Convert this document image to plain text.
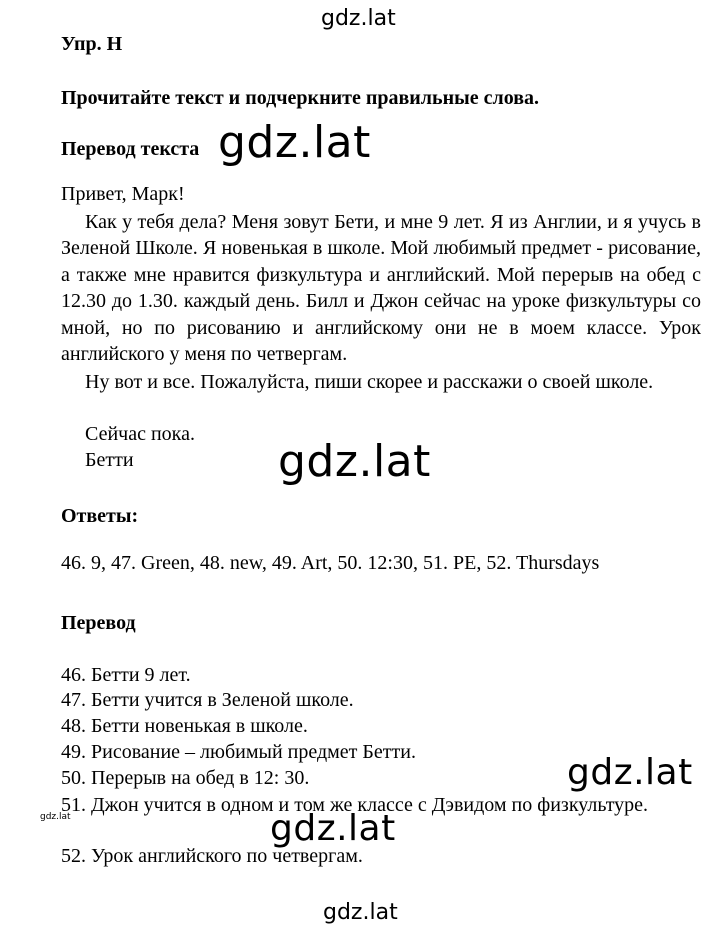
gdz.lat
Упр. H
Прочитайте текст и подчеркните правильные слова.
Перевод текста gdz.lat
Привет, Марк!
Как у тебя дела? Меня зовут Бети, и мне 9 лет. Я из Англии, и я учусь в Зеленой Школе. Я новенькая в школе. Мой любимый предмет - рисование, а также мне нравится физкультура и английский. Мой перерыв на обед с 12.30 до 1.30. каждый день. Билл и Джон сейчас на уроке физкультуры со мной, но по рисованию и английскому они не в моем классе. Урок английского у меня по четвергам.
Ну вот и все. Пожалуйста, пиши скорее и расскажи о своей школе.
Сейчас пока.
Бетти	gdz.lat
Ответы:
46. 9, 47. Green, 48. new, 49. Art, 50. 12:30, 51. PE, 52. Thursdays
Перевод
46. Бетти 9 лет.
47. Бетти учится в Зеленой школе.
48. Бетти новенькая в школе.
49. Рисование – любимый предмет Бетти.
50. Перерыв на обед в 12: 30.	gdz.lat
51. Джон учится в одном и том же классе с Дэвидом по физкультуре.
gdz.lat
gdz.lat
52. Урок английского по четвергам.
gdz.lat
